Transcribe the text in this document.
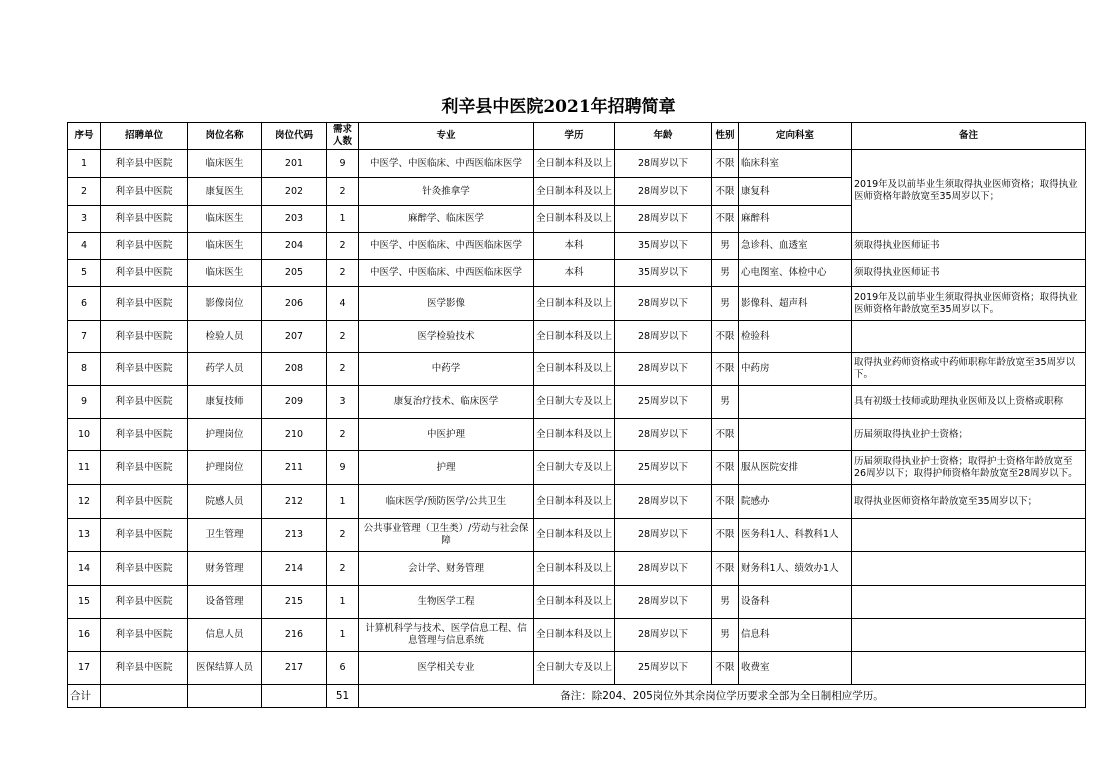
利辛县中医院2021年招聘简章
序号	招聘单位	岗位名称	岗位代码	需求人数	专业	学历	年龄	性别	定向科室	备注
1	利辛县中医院	临床医生	201	9	中医学、中医临床、中西医临床医学	全日制本科及以上	28周岁以下	不限	临床科室	2019年及以前毕业生须取得执业医师资格；取得执业医师资格年龄放宽至35周岁以下；
2	利辛县中医院	康复医生	202	2	针灸推拿学	全日制本科及以上	28周岁以下	不限	康复科	
3	利辛县中医院	临床医生	203	1	麻醉学、临床医学	全日制本科及以上	28周岁以下	不限	麻醉科	
4	利辛县中医院	临床医生	204	2	中医学、中医临床、中西医临床医学	本科	35周岁以下	男	急诊科、血透室	须取得执业医师证书
5	利辛县中医院	临床医生	205	2	中医学、中医临床、中西医临床医学	本科	35周岁以下	男	心电图室、体检中心	须取得执业医师证书
6	利辛县中医院	影像岗位	206	4	医学影像	全日制本科及以上	28周岁以下	男	影像科、超声科	2019年及以前毕业生须取得执业医师资格；取得执业医师资格年龄放宽至35周岁以下。
7	利辛县中医院	检验人员	207	2	医学检验技术	全日制本科及以上	28周岁以下	不限	检验科	
8	利辛县中医院	药学人员	208	2	中药学	全日制本科及以上	28周岁以下	不限	中药房	取得执业药师资格或中药师职称年龄放宽至35周岁以下。
9	利辛县中医院	康复技师	209	3	康复治疗技术、临床医学	全日制大专及以上	25周岁以下	男		具有初级士技师或助理执业医师及以上资格或职称
10	利辛县中医院	护理岗位	210	2	中医护理	全日制本科及以上	28周岁以下	不限		历届须取得执业护士资格；
11	利辛县中医院	护理岗位	211	9	护理	全日制大专及以上	25周岁以下	不限	服从医院安排	历届须取得执业护士资格；取得护士资格年龄放宽至26周岁以下；取得护师资格年龄放宽至28周岁以下。
12	利辛县中医院	院感人员	212	1	临床医学/预防医学/公共卫生	全日制本科及以上	28周岁以下	不限	院感办	取得执业医师资格年龄放宽至35周岁以下；
13	利辛县中医院	卫生管理	213	2	公共事业管理（卫生类）/劳动与社会保障	全日制本科及以上	28周岁以下	不限	医务科1人、科教科1人	
14	利辛县中医院	财务管理	214	2	会计学、财务管理	全日制本科及以上	28周岁以下	不限	财务科1人、绩效办1人	
15	利辛县中医院	设备管理	215	1	生物医学工程	全日制本科及以上	28周岁以下	男	设备科	
16	利辛县中医院	信息人员	216	1	计算机科学与技术、医学信息工程、信息管理与信息系统	全日制本科及以上	28周岁以下	男	信息科	
17	利辛县中医院	医保结算人员	217	6	医学相关专业	全日制大专及以上	25周岁以下	不限	收费室	
合计				51	备注：除204、205岗位外其余岗位学历要求全部为全日制相应学历。					
